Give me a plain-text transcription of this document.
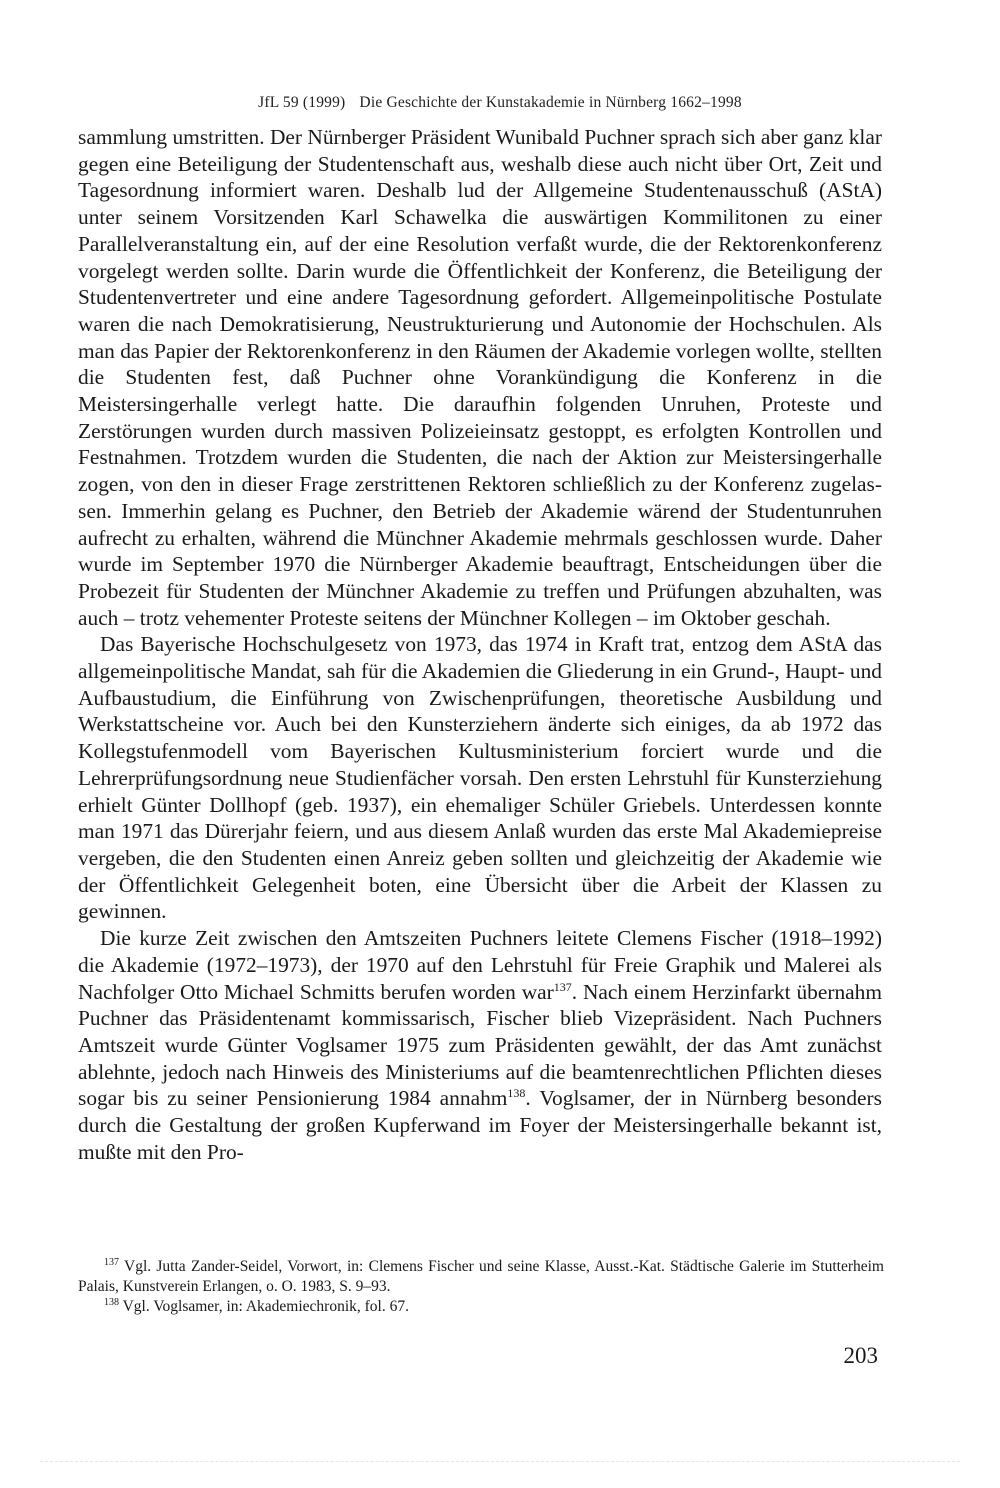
JfL 59 (1999) Die Geschichte der Kunstakademie in Nürnberg 1662–1998

sammlung umstritten. Der Nürnberger Präsident Wunibald Puchner sprach sich aber ganz klar gegen eine Beteiligung der Studentenschaft aus, weshalb diese auch nicht über Ort, Zeit und Tagesordnung informiert waren. Deshalb lud der Allgemeine Studentenausschuß (AStA) unter seinem Vorsitzenden Karl Schawelka die auswärtigen Kommilitonen zu einer Parallelveranstaltung ein, auf der eine Resolution verfaßt wurde, die der Rektorenkonferenz vorgelegt werden sollte. Darin wurde die Öffentlichkeit der Konferenz, die Beteiligung der Studentenvertreter und eine andere Tagesordnung gefordert. Allgemeinpolitische Postulate waren die nach Demokratisierung, Neustrukturierung und Autonomie der Hochschulen. Als man das Papier der Rektorenkonferenz in den Räumen der Akademie vorlegen wollte, stellten die Studenten fest, daß Puchner ohne Vorankündigung die Konferenz in die Meistersingerhalle verlegt hatte. Die daraufhin folgenden Unruhen, Proteste und Zerstörungen wurden durch massiven Polizeieinsatz gestoppt, es erfolgten Kontrollen und Festnahmen. Trotzdem wurden die Studenten, die nach der Aktion zur Meistersingerhalle zogen, von den in dieser Frage zerstrittenen Rektoren schließlich zu der Konferenz zugelassen. Immerhin gelang es Puchner, den Betrieb der Akademie wärend der Studentunruhen aufrecht zu erhalten, während die Münchner Akademie mehrmals geschlossen wurde. Daher wurde im September 1970 die Nürnberger Akademie beauftragt, Entscheidungen über die Probezeit für Studenten der Münchner Akademie zu treffen und Prüfungen abzuhalten, was auch – trotz vehementer Proteste seitens der Münchner Kollegen – im Oktober geschah.

Das Bayerische Hochschulgesetz von 1973, das 1974 in Kraft trat, entzog dem AStA das allgemeinpolitische Mandat, sah für die Akademien die Gliederung in ein Grund-, Haupt- und Aufbaustudium, die Einführung von Zwischenprüfungen, theoretische Ausbildung und Werkstattscheine vor. Auch bei den Kunsterziehern änderte sich einiges, da ab 1972 das Kollegstufenmodell vom Bayerischen Kultusministerium forciert wurde und die Lehrerprüfungsordnung neue Studienfächer vorsah. Den ersten Lehrstuhl für Kunsterziehung erhielt Günter Dollhopf (geb. 1937), ein ehemaliger Schüler Griebels. Unterdessen konnte man 1971 das Dürerjahr feiern, und aus diesem Anlaß wurden das erste Mal Akademiepreise vergeben, die den Studenten einen Anreiz geben sollten und gleichzeitig der Akademie wie der Öffentlichkeit Gelegenheit boten, eine Übersicht über die Arbeit der Klassen zu gewinnen.

Die kurze Zeit zwischen den Amtszeiten Puchners leitete Clemens Fischer (1918–1992) die Akademie (1972–1973), der 1970 auf den Lehrstuhl für Freie Graphik und Malerei als Nachfolger Otto Michael Schmitts berufen worden war$^{137}$. Nach einem Herzinfarkt übernahm Puchner das Präsidentenamt kommissarisch, Fischer blieb Vizepräsident. Nach Puchners Amtszeit wurde Günter Voglsamer 1975 zum Präsidenten gewählt, der das Amt zunächst ablehnte, jedoch nach Hinweis des Ministeriums auf die beamtenrechtlichen Pflichten dieses sogar bis zu seiner Pensionierung 1984 annahm$^{138}$. Voglsamer, der in Nürnberg besonders durch die Gestaltung der großen Kupferwand im Foyer der Meistersingerhalle bekannt ist, mußte mit den Pro-

$^{137}$ Vgl. Jutta Zander-Seidel, Vorwort, in: Clemens Fischer und seine Klasse, Ausst.-Kat. Städtische Galerie im Stutterheim Palais, Kunstverein Erlangen, o. O. 1983, S. 9–93.

$^{138}$ Vgl. Voglsamer, in: Akademiechronik, fol. 67.

203
